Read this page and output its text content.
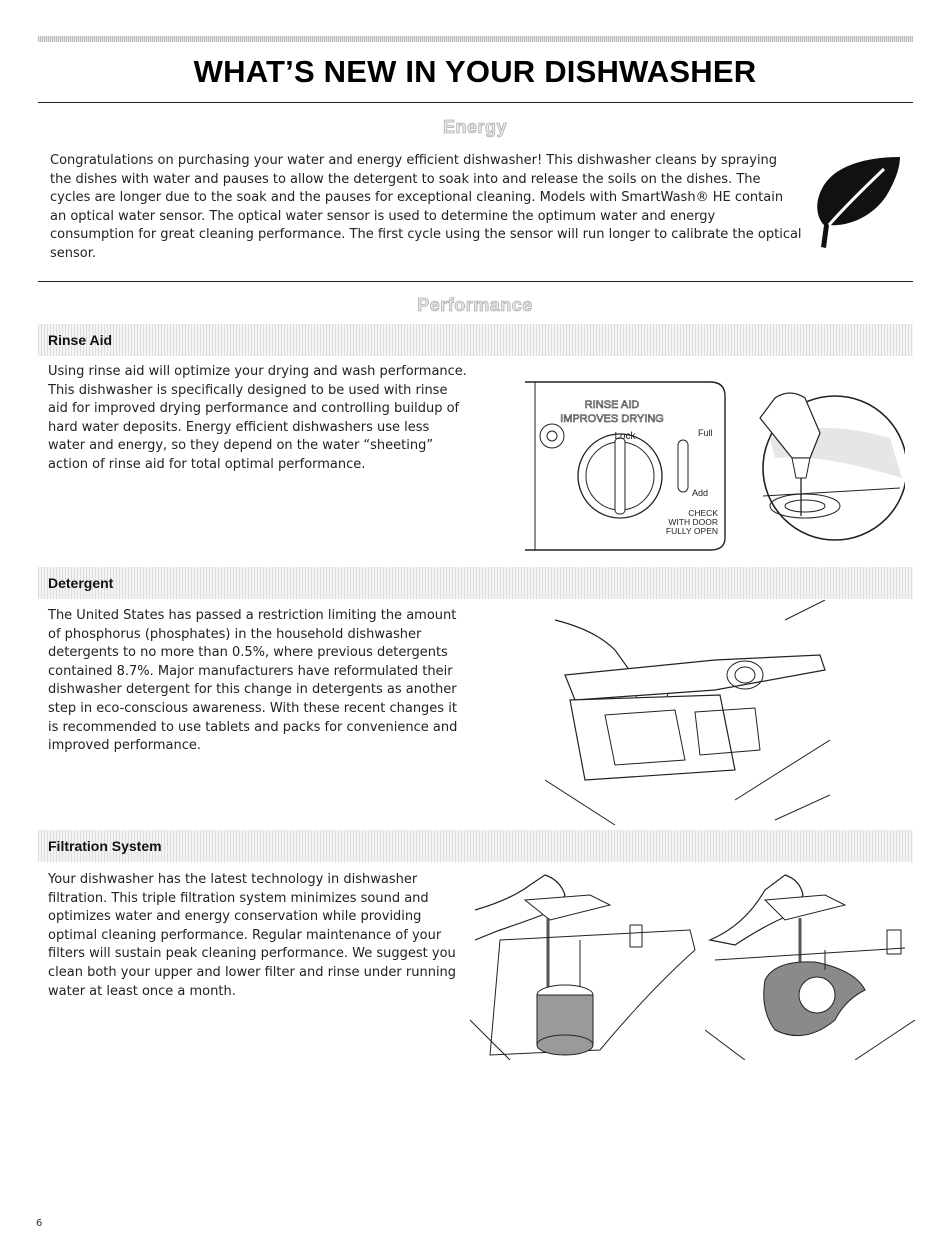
WHAT’S NEW IN YOUR DISHWASHER
Energy

Congratulations on purchasing your water and energy efficient dishwasher! This dishwasher cleans by spraying the dishes with water and pauses to allow the detergent to soak into and release the soils on the dishes. The cycles are longer due to the soak and the pauses for exceptional cleaning. Models with SmartWash® HE contain an optical water sensor. The optical water sensor is used to determine the optimum water and energy consumption for great cleaning performance. The first cycle using the sensor will run longer to calibrate the optical sensor.

Performance
Rinse Aid

Using rinse aid will optimize your drying and wash performance. This dishwasher is specifically designed to be used with rinse aid for improved drying performance and controlling buildup of hard water deposits. Energy efficient dishwashers use less water and energy, so they depend on the water “sheeting” action of rinse aid for total optimal performance.

RINSE AID
IMPROVES DRYING
Lock	Full
Add
CHECK
WITH DOOR
FULLY OPEN
Detergent

The United States has passed a restriction limiting the amount of phosphorus (phosphates) in the household dishwasher detergents to no more than 0.5%, where previous detergents contained 8.7%. Major manufacturers have reformulated their dishwasher detergent for this change in detergents as another step in eco-conscious awareness. With these recent changes it is recommended to use tablets and packs for convenience and improved performance.

Filtration System

Your dishwasher has the latest technology in dishwasher filtration. This triple filtration system minimizes sound and optimizes water and energy conservation while providing optimal cleaning performance. Regular maintenance of your filters will sustain peak cleaning performance. We suggest you clean both your upper and lower filter and rinse under running water at least once a month.

6
